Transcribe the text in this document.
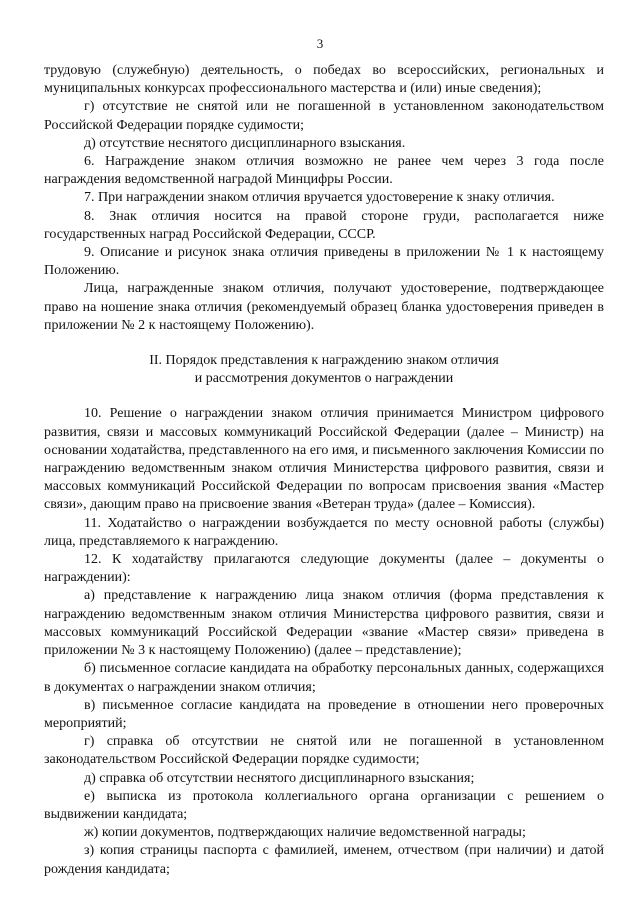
3

трудовую (служебную) деятельность, о победах во всероссийских, региональных и муниципальных конкурсах профессионального мастерства и (или) иные сведения);

г) отсутствие не снятой или не погашенной в установленном законодательством Российской Федерации порядке судимости;

д) отсутствие неснятого дисциплинарного взыскания.

6. Награждение знаком отличия возможно не ранее чем через 3 года после награждения ведомственной наградой Минцифры России.

7. При награждении знаком отличия вручается удостоверение к знаку отличия.

8. Знак отличия носится на правой стороне груди, располагается ниже государственных наград Российской Федерации, СССР.

9. Описание и рисунок знака отличия приведены в приложении № 1 к настоящему Положению.

Лица, награжденные знаком отличия, получают удостоверение, подтверждающее право на ношение знака отличия (рекомендуемый образец бланка удостоверения приведен в приложении № 2 к настоящему Положению).

II. Порядок представления к награждению знаком отличия
и рассмотрения документов о награждении

10. Решение о награждении знаком отличия принимается Министром цифрового развития, связи и массовых коммуникаций Российской Федерации (далее – Министр) на основании ходатайства, представленного на его имя, и письменного заключения Комиссии по награждению ведомственным знаком отличия Министерства цифрового развития, связи и массовых коммуникаций Российской Федерации по вопросам присвоения звания «Мастер связи», дающим право на присвоение звания «Ветеран труда» (далее – Комиссия).

11. Ходатайство о награждении возбуждается по месту основной работы (службы) лица, представляемого к награждению.

12. К ходатайству прилагаются следующие документы (далее – документы о награждении):

а) представление к награждению лица знаком отличия (форма представления к награждению ведомственным знаком отличия Министерства цифрового развития, связи и массовых коммуникаций Российской Федерации «звание «Мастер связи» приведена в приложении № 3 к настоящему Положению) (далее – представление);

б) письменное согласие кандидата на обработку персональных данных, содержащихся в документах о награждении знаком отличия;

в) письменное согласие кандидата на проведение в отношении него проверочных мероприятий;

г) справка об отсутствии не снятой или не погашенной в установленном законодательством Российской Федерации порядке судимости;

д) справка об отсутствии неснятого дисциплинарного взыскания;

е) выписка из протокола коллегиального органа организации с решением о выдвижении кандидата;

ж) копии документов, подтверждающих наличие ведомственной награды;

з) копия страницы паспорта с фамилией, именем, отчеством (при наличии) и датой рождения кандидата;
